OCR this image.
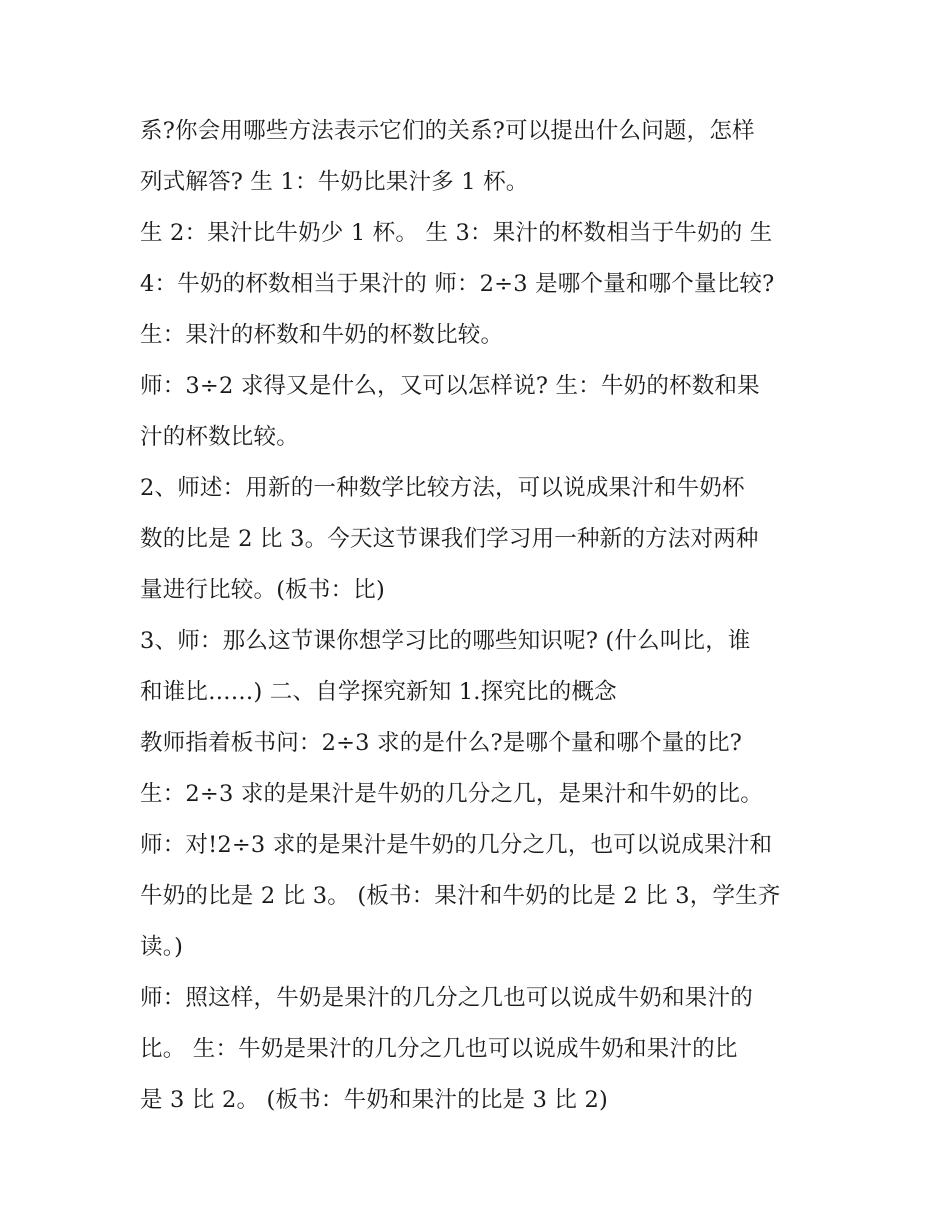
系?你会用哪些方法表示它们的关系?可以提出什么问题，怎样
列式解答? 生 1：牛奶比果汁多 1 杯。
生 2：果汁比牛奶少 1 杯。 生 3：果汁的杯数相当于牛奶的 生
4：牛奶的杯数相当于果汁的 师：2÷3 是哪个量和哪个量比较?
生：果汁的杯数和牛奶的杯数比较。
师：3÷2 求得又是什么，又可以怎样说? 生：牛奶的杯数和果
汁的杯数比较。
2、师述：用新的一种数学比较方法，可以说成果汁和牛奶杯
数的比是 2 比 3。今天这节课我们学习用一种新的方法对两种
量进行比较。(板书：比)
3、师：那么这节课你想学习比的哪些知识呢? (什么叫比，谁
和谁比……) 二、自学探究新知 1.探究比的概念
教师指着板书问：2÷3 求的是什么?是哪个量和哪个量的比?
生：2÷3 求的是果汁是牛奶的几分之几，是果汁和牛奶的比。
师：对!2÷3 求的是果汁是牛奶的几分之几，也可以说成果汁和
牛奶的比是 2 比 3。 (板书：果汁和牛奶的比是 2 比 3，学生齐
读。)
师：照这样，牛奶是果汁的几分之几也可以说成牛奶和果汁的
比。 生：牛奶是果汁的几分之几也可以说成牛奶和果汁的比
是 3 比 2。 (板书：牛奶和果汁的比是 3 比 2)
